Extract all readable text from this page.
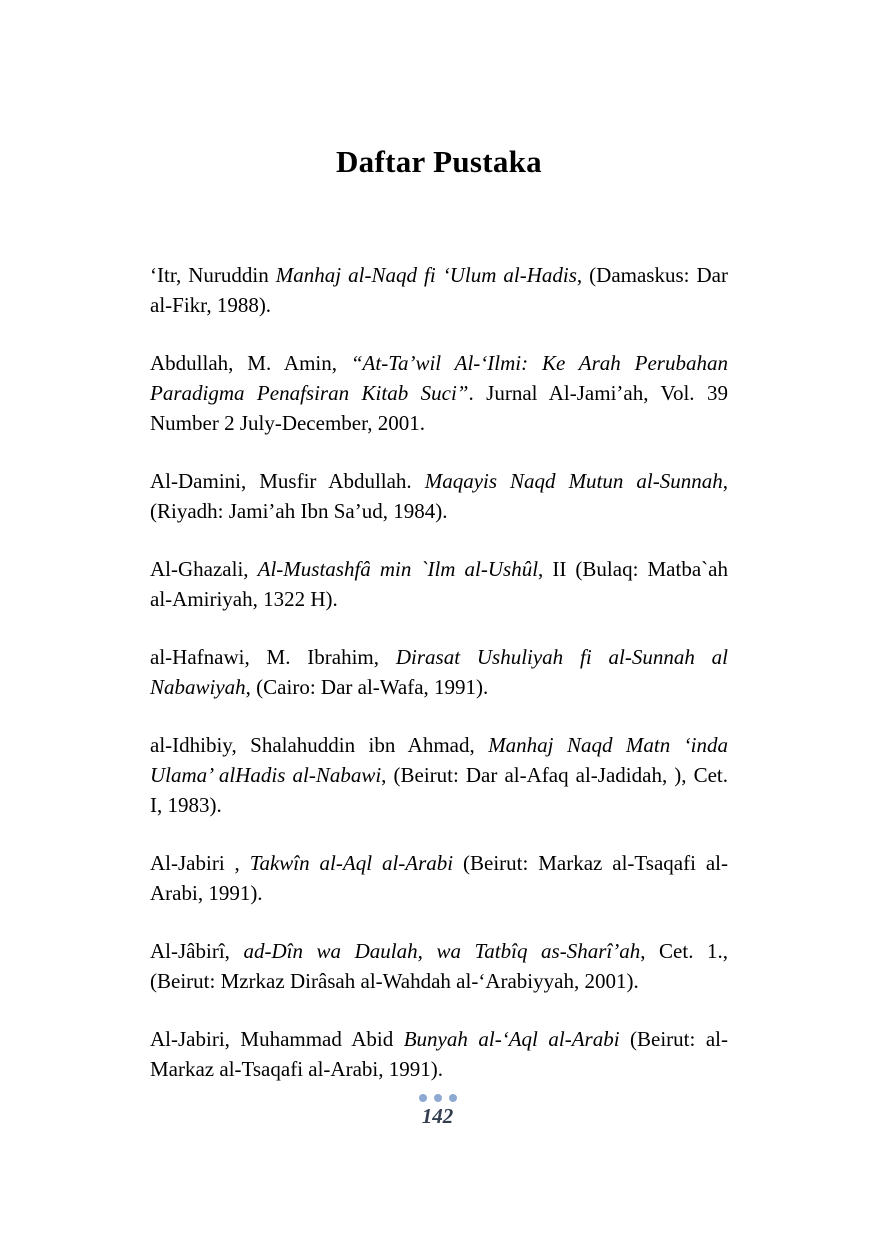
Daftar Pustaka

‘Itr, Nuruddin Manhaj al-Naqd fi ‘Ulum al-Hadis, (Damaskus: Dar al-Fikr, 1988).

Abdullah, M. Amin, “At-Ta’wil Al-‘Ilmi: Ke Arah Perubahan Paradigma Penafsiran Kitab Suci”. Jurnal Al-Jami’ah, Vol. 39 Number 2 July-December, 2001.

Al-Damini, Musfir Abdullah. Maqayis Naqd Mutun al-Sunnah, (Riyadh: Jami’ah Ibn Sa’ud, 1984).

Al-Ghazali, Al-Mustashfâ min `Ilm al-Ushûl, II (Bulaq: Matba`ah al-Amiriyah, 1322 H).

al-Hafnawi, M. Ibrahim, Dirasat Ushuliyah fi al-Sunnah al Nabawiyah, (Cairo: Dar al-Wafa, 1991).

al-Idhibiy, Shalahuddin ibn Ahmad, Manhaj Naqd Matn ‘inda Ulama’ alHadis al-Nabawi, (Beirut: Dar al-Afaq al-Jadidah, ), Cet. I, 1983).

Al-Jabiri , Takwîn al-Aql al-Arabi (Beirut: Markaz al-Tsaqafi al-Arabi, 1991).

Al-Jâbirî, ad-Dîn wa Daulah, wa Tatbîq as-Sharî’ah, Cet. 1., (Beirut: Mzrkaz Dirâsah al-Wahdah al-‘Arabiyyah, 2001).

Al-Jabiri, Muhammad Abid Bunyah al-‘Aql al-Arabi (Beirut: al-Markaz al-Tsaqafi al-Arabi, 1991).

142
